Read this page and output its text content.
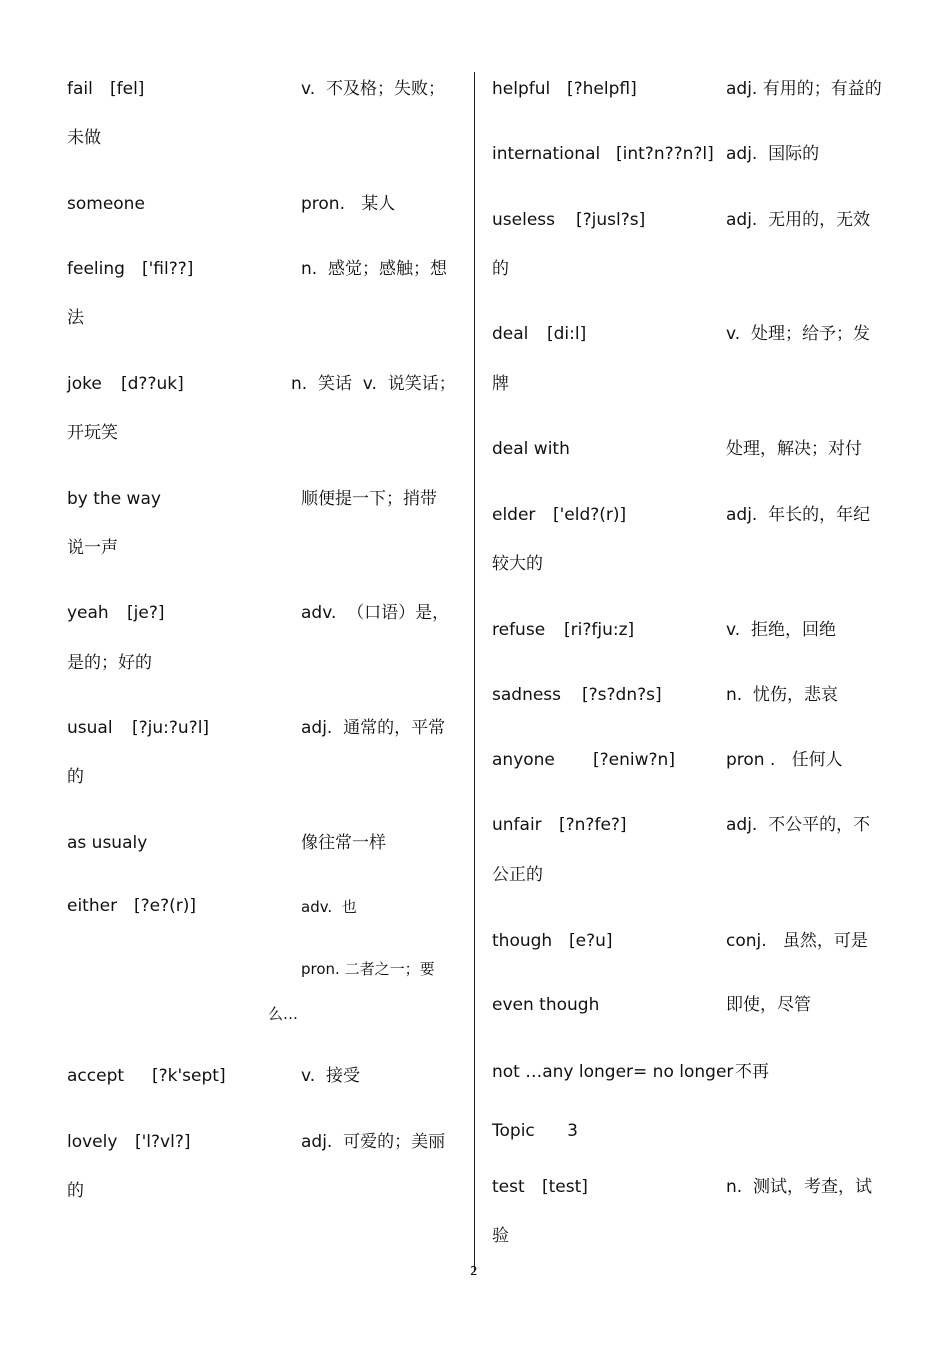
fail [fel]	v.  不及格；失败；
未做
someone	pron.   某人
feeling ['fil??]	n.  感觉；感触；想
法
joke [d??uk]	n.  笑话  v.  说笑话；
开玩笑
by the way	顺便提一下；捎带
说一声
yeah [je?]	adv.  （口语）是，
是的；好的
usual [?ju:?u?l]	adj.  通常的，平常
的
as usualy	像往常一样
either [?e?(r)]	adv.  也
pron. 二者之一；要
么…
accept [?k'sept]	v.  接受
lovely ['l?vl?]	adj.  可爱的；美丽
的
helpful [?helpfl]	adj. 有用的；有益的
international [int?n??n?l] adj.  国际的
useless [?jusl?s]	adj.  无用的，无效
的
deal [di:l]	v.  处理；给予；发
牌
deal with	处理，解决；对付
elder ['eld?(r)]	adj.  年长的，年纪
较大的
refuse [ri?fju:z]	v.  拒绝，回绝
sadness [?s?dn?s]	n.  忧伤，悲哀
anyone [?eniw?n]	pron .   任何人
unfair [?n?fe?]	adj.  不公平的，不
公正的
though [e?u]	conj.   虽然，可是
even though	即使，尽管
not …any longer= no longer 不再
Topic      3
test [test]	n.  测试，考查，试
验
2
